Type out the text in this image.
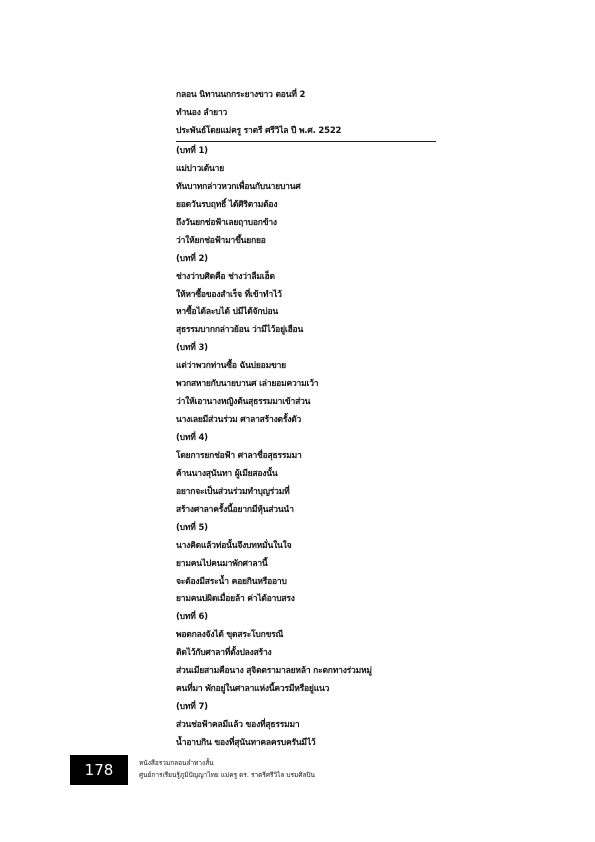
กลอน นิทานนกกระยางขาว ตอนที่ 2
ทำนอง ลำยาว
ประพันธ์โดยแม่ครู ราตรี ศรีวิไล ปี พ.ศ. 2522
(บทที่ 1)
แม่บ่าวเด้นาย
ทันบาทกล่าวหวกเพื่อนกับนายบานศ
ยอดวันรบฤทธิ์ ได้ศิริตามต้อง
ถึงวันยกช่อฟ้าเลยฤาบอกข้าง
ว่าให้ยกช่อฟ้ามาขึ้นยกยอ
(บทที่ 2)
ช่างว่าบศิดคือ ช่างว่าลืมเฮ็ด
ให้หาซื้อของสำเร็จ ที่เข้าทำไว้
หาซื้อได้ละบได้ บ่มีได้จักบ่อน
สุธรรมบากกล่าวย้อน ว่ามีไว้อยู่เฮือน
(บทที่ 3)
แต่ว่าพวกท่านซื้อ ฉันบ่ยอมขาย
พวกสหายกับนายบานศ เล่ายอมความเว้า
ว่าให้เอานางหญิงต้นสุธรรมมาเข้าส่วน
นางเลยมีส่วนร่วม ศาลาสร้างตรั้งตัว
(บทที่ 4)
โดยการยกช่อฟ้า ศาลาชื่อสุธรรมมา
ค้านนางสุนันทา ผู้เมียสองนั้น
อยากจะเป็นส่วนร่วมทำบุญร่วมที่
สร้างศาลาครั้งนี้อยากมีหุ้นส่วนนำ
(บทที่ 5)
นางคิดแล้วท่อนั้นจึงบทหมั่นในใจ
ยามคนไปคนมาพักศาลานี้
จะต้องมีสระน้ำ คอยกินหรืออาบ
ยามคนบ่ผิดเมื่อยล้า ค่าได้อาบสรง
(บทที่ 6)
พอตกลงจังได้ ขุดสระโบกขรณี
ติดไว้กับศาลาที่ตั้งปลงสร้าง
ส่วนเมียสามคือนาง สุจิตตรามาลยหล้า กะตกทางร่วมหมู่
คนที่มา พักอยู่ในศาลาแห่งนี้ควรมีหรือยู่แนว
(บทที่ 7)
ส่วนช่อฟ้าคลมีแล้ว ของที่สุธรรมมา
น้ำอาบกิน ของที่สุนันทาคลครบครันมีไว้
178	หนังสือรวมกลอนลำทางสั้น
ศูนย์การเรียนรู้ภูมิปัญญาไทย แม่ครู ดร. ราตรีศรีวิไล บรมศิลปิน
